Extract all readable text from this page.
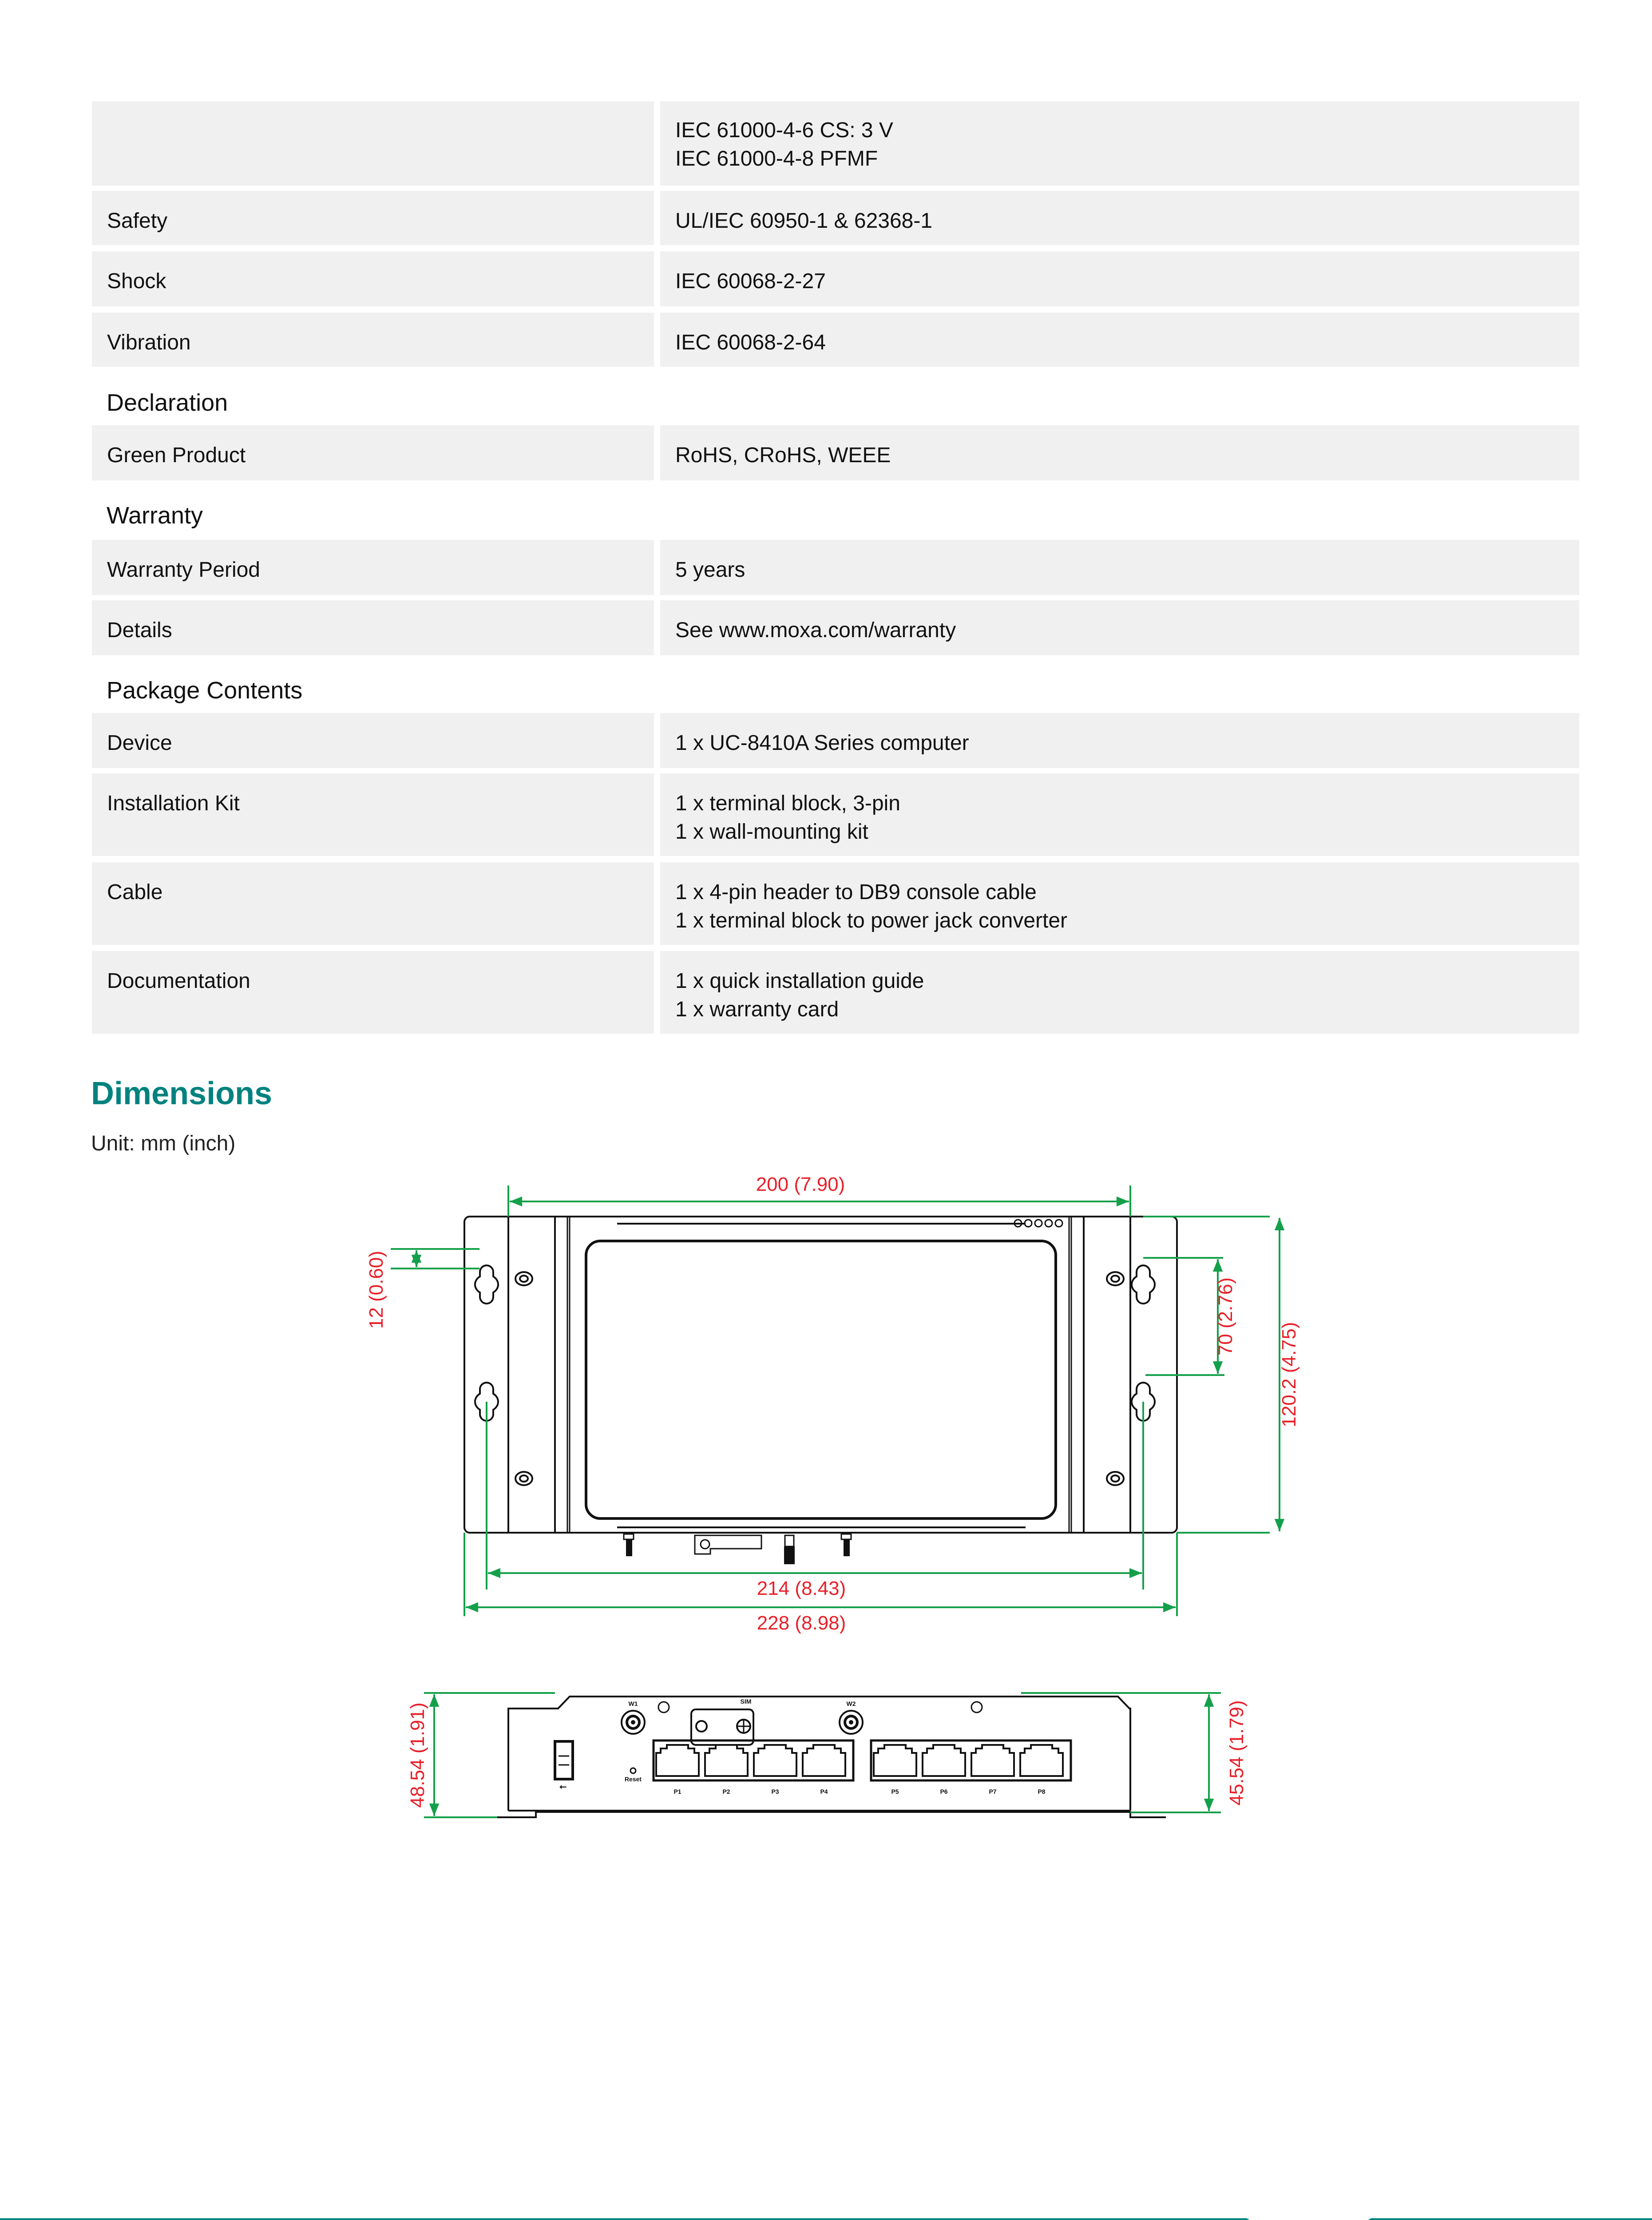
IEC 61000-4-6 CS: 3 V
IEC 61000-4-8 PFMF
Safety	UL/IEC 60950-1 & 62368-1
Shock	IEC 60068-2-27
Vibration	IEC 60068-2-64
Declaration
Green Product	RoHS, CRoHS, WEEE
Warranty
Warranty Period	5 years
Details	See www.moxa.com/warranty
Package Contents
Device	1 x UC-8410A Series computer
Installation Kit	1 x terminal block, 3-pin
1 x wall-mounting kit
Cable	1 x 4-pin header to DB9 console cable
1 x terminal block to power jack converter
Documentation	1 x quick installation guide
1 x warranty card
Dimensions
Unit: mm (inch)
200 (7.90)
214 (8.43)
228 (8.98)
12 (0.60)	70 (2.76)
120.2 (4.75)
W1	W2
SIM
Reset
⭠	P1	P2	P3	P4	P5	P6	P7	P8
48.54 (1.91)	45.54 (1.79)
